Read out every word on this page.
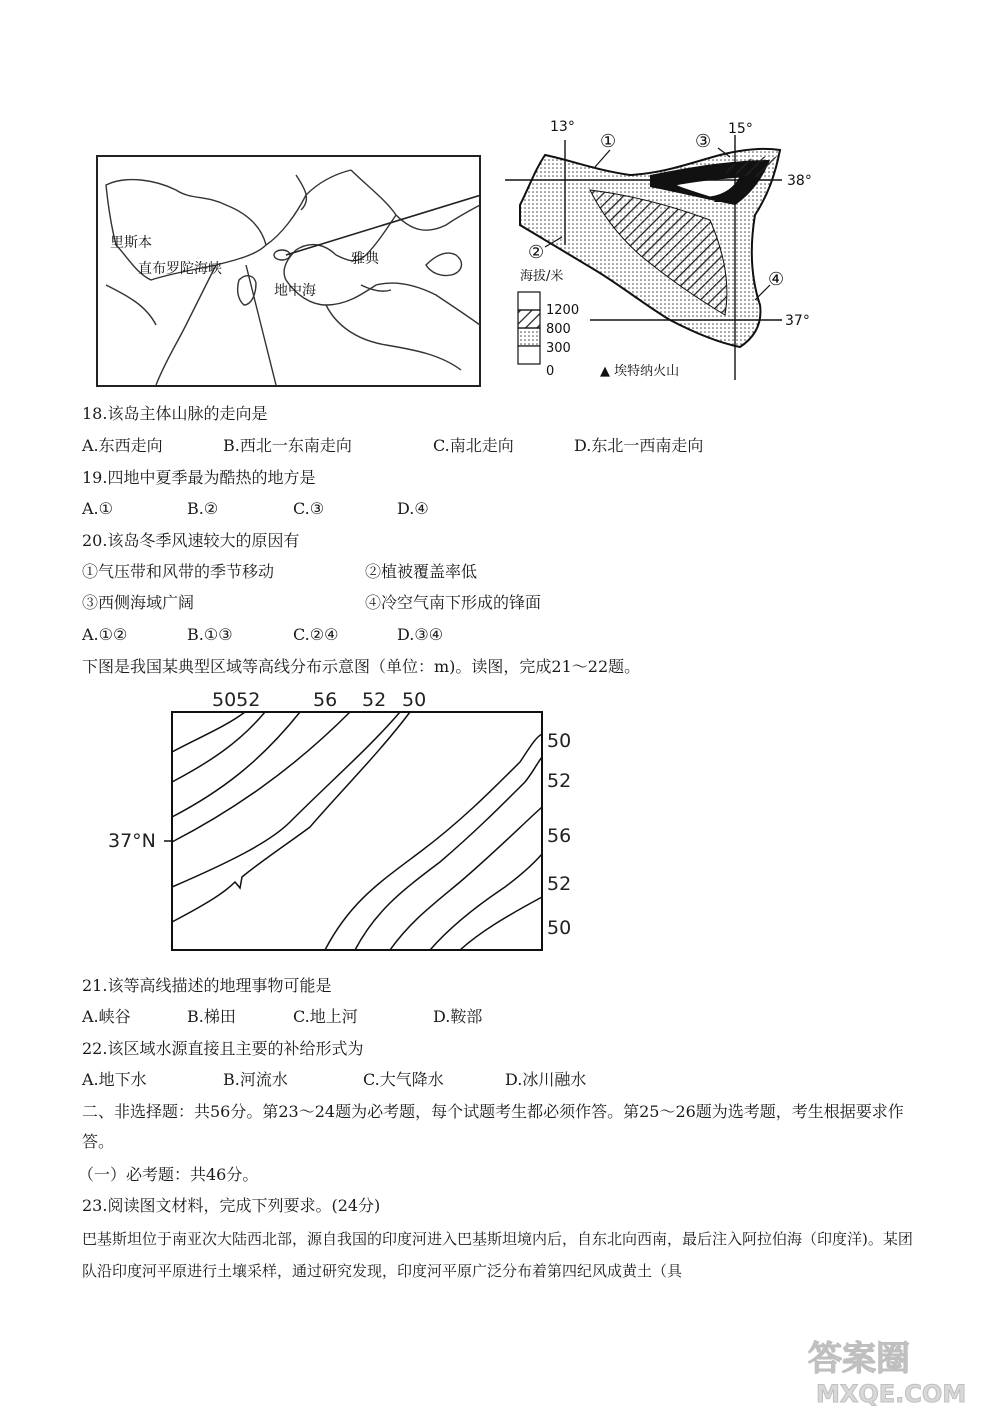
里斯本
直布罗陀海峡
雅典
地中海
13°	15°
38°
37°
①
②
③
④
海拔/米
1200
800
300
0	▲ 埃特纳火山
18.该岛主体山脉的走向是
A.东西走向	B.西北一东南走向	C.南北走向	D.东北一西南走向
19.四地中夏季最为酷热的地方是
A.①	B.②	C.③	D.④
20.该岛冬季风速较大的原因有
①气压带和风带的季节移动	②植被覆盖率低
③西侧海域广阔	④冷空气南下形成的锋面
A.①②	B.①③	C.②④	D.③④
下图是我国某典型区域等高线分布示意图（单位：m)。读图，完成21～22题。
5052	56 52 50
50
52
56
52
50
37°N
21.该等高线描述的地理事物可能是
A.峡谷	B.梯田	C.地上河	D.鞍部
22.该区域水源直接且主要的补给形式为
A.地下水	B.河流水	C.大气降水	D.冰川融水
二、非选择题：共56分。第23～24题为必考题，每个试题考生都必须作答。第25～26题为选考题，考生根据要求作答。
（一）必考题：共46分。
23.阅读图文材料，完成下列要求。(24分)
巴基斯坦位于南亚次大陆西北部，源自我国的印度河进入巴基斯坦境内后，自东北向西南，最后注入阿拉伯海（印度洋)。某团队沿印度河平原进行土壤采样，通过研究发现，印度河平原广泛分布着第四纪风成黄土（具
答案圈
MXQE.COM
